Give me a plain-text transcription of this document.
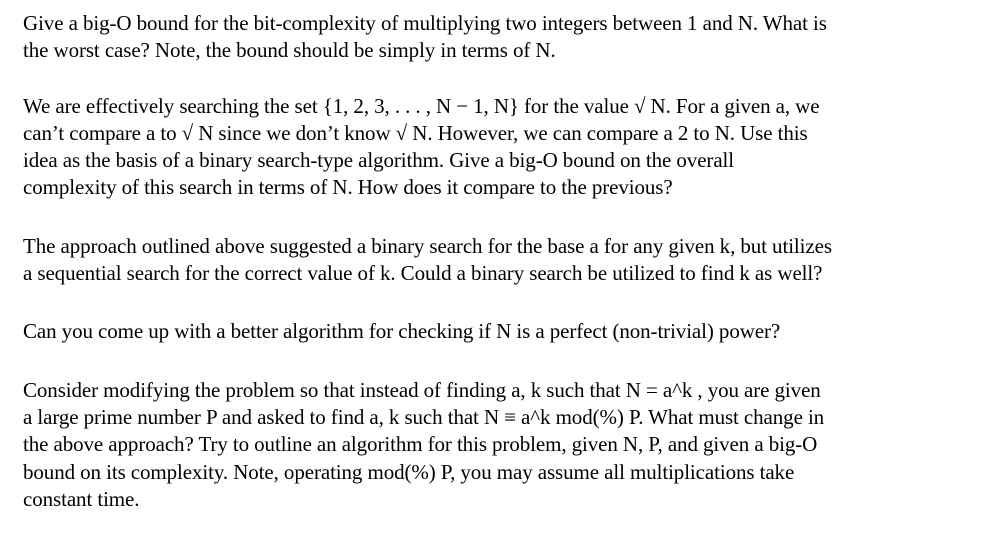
Give a big-O bound for the bit-complexity of multiplying two integers between 1 and N. What is
the worst case? Note, the bound should be simply in terms of N.

We are effectively searching the set {1, 2, 3, . . . , N − 1, N} for the value √ N. For a given a, we
can’t compare a to √ N since we don’t know √ N. However, we can compare a 2 to N. Use this
idea as the basis of a binary search-type algorithm. Give a big-O bound on the overall
complexity of this search in terms of N. How does it compare to the previous?

The approach outlined above suggested a binary search for the base a for any given k, but utilizes
a sequential search for the correct value of k. Could a binary search be utilized to find k as well?

Can you come up with a better algorithm for checking if N is a perfect (non-trivial) power?

Consider modifying the problem so that instead of finding a, k such that N = a^k , you are given
a large prime number P and asked to find a, k such that N ≡ a^k mod(%) P. What must change in
the above approach? Try to outline an algorithm for this problem, given N, P, and given a big-O
bound on its complexity. Note, operating mod(%) P, you may assume all multiplications take
constant time.
